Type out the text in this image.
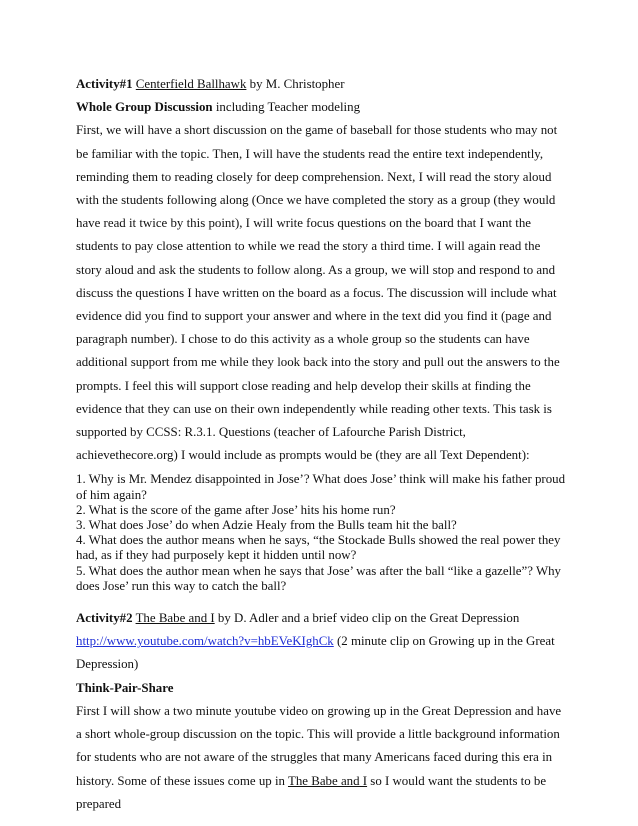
Activity#1 Centerfield Ballhawk by M. Christopher

Whole Group Discussion including Teacher modeling

First, we will have a short discussion on the game of baseball for those students who may not be familiar with the topic. Then, I will have the students read the entire text independently, reminding them to reading closely for deep comprehension. Next, I will read the story aloud with the students following along (Once we have completed the story as a group (they would have read it twice by this point), I will write focus questions on the board that I want the students to pay close attention to while we read the story a third time. I will again read the story aloud and ask the students to follow along. As a group, we will stop and respond to and discuss the questions I have written on the board as a focus. The discussion will include what evidence did you find to support your answer and where in the text did you find it (page and paragraph number). I chose to do this activity as a whole group so the students can have additional support from me while they look back into the story and pull out the answers to the prompts. I feel this will support close reading and help develop their skills at finding the evidence that they can use on their own independently while reading other texts. This task is supported by CCSS: R.3.1. Questions (teacher of Lafourche Parish District, achievethecore.org) I would include as prompts would be (they are all Text Dependent):

1. Why is Mr. Mendez disappointed in Jose’? What does Jose’ think will make his father proud of him again?

2. What is the score of the game after Jose’ hits his home run?

3. What does Jose’ do when Adzie Healy from the Bulls team hit the ball?

4. What does the author means when he says, “the Stockade Bulls showed the real power they had, as if they had purposely kept it hidden until now?

5. What does the author mean when he says that Jose’ was after the ball “like a gazelle”? Why does Jose’ run this way to catch the ball?

Activity#2 The Babe and I by D. Adler and a brief video clip on the Great Depression

http://www.youtube.com/watch?v=hbEVeKIghCk (2 minute clip on Growing up in the Great Depression)

Think-Pair-Share

First I will show a two minute youtube video on growing up in the Great Depression and have a short whole-group discussion on the topic. This will provide a little background information for students who are not aware of the struggles that many Americans faced during this era in history. Some of these issues come up in The Babe and I so I would want the students to be prepared
